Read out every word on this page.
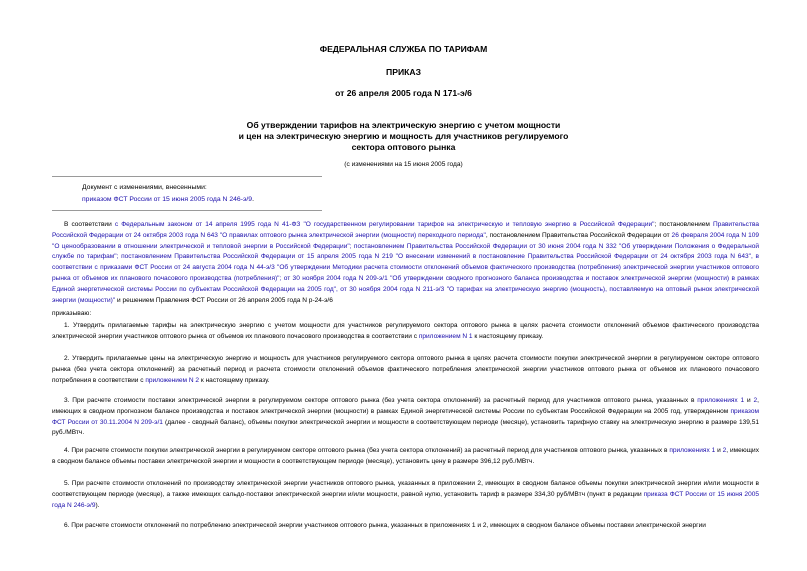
ФЕДЕРАЛЬНАЯ СЛУЖБА ПО ТАРИФАМ
ПРИКАЗ
от 26 апреля 2005 года N 171-э/6
Об утверждении тарифов на электрическую энергию с учетом мощности
и цен на электрическую энергию и мощность для участников регулируемого
сектора оптового рынка
(с изменениями на 15 июня 2005 года)
Документ с изменениями, внесенными:
приказом ФСТ России от 15 июня 2005 года N 246-э/9.
В соответствии с Федеральным законом от 14 апреля 1995 года N 41-ФЗ "О государственном регулировании тарифов на электрическую и тепловую энергию в Российской Федерации"; постановлением Правительства Российской Федерации от 24 октября 2003 года N 643 "О правилах оптового рынка электрической энергии (мощности) переходного периода", постановлением Правительства Российской Федерации от 26 февраля 2004 года N 109 "О ценообразовании в отношении электрической и тепловой энергии в Российской Федерации"; постановлением Правительства Российской Федерации от 30 июня 2004 года N 332 "Об утверждении Положения о Федеральной службе по тарифам"; постановлением Правительства Российской Федерации от 15 апреля 2005 года N 219 "О внесении изменений в постановление Правительства Российской Федерации от 24 октября 2003 года N 643", в соответствии с приказами ФСТ России от 24 августа 2004 года N 44-э/3 "Об утверждении Методики расчета стоимости отклонений объемов фактического производства (потребления) электрической энергии участников оптового рынка от объемов их планового почасового производства (потребления)"; от 30 ноября 2004 года N 209-э/1 "Об утверждении сводного прогнозного баланса производства и поставок электрической энергии (мощности) в рамках Единой энергетической системы России по субъектам Российской Федерации на 2005 год", от 30 ноября 2004 года N 211-э/3 "О тарифах на электрическую энергию (мощность), поставляемую на оптовый рынок электрической энергии (мощности)" и решением Правления ФСТ России от 26 апреля 2005 года N р-24-э/6
приказываю:
1. Утвердить прилагаемые тарифы на электрическую энергию с учетом мощности для участников регулируемого сектора оптового рынка в целях расчета стоимости отклонений объемов фактического производства электрической энергии участников оптового рынка от объемов их планового почасового производства в соответствии с приложением N 1 к настоящему приказу.
2. Утвердить прилагаемые цены на электрическую энергию и мощность для участников регулируемого сектора оптового рынка в целях расчета стоимости покупки электрической энергии в регулируемом секторе оптового рынка (без учета сектора отклонений) за расчетный период и расчета стоимости отклонений объемов фактического потребления электрической энергии участников оптового рынка от объемов их планового почасового потребления в соответствии с приложением N 2 к настоящему приказу.
3. При расчете стоимости поставки электрической энергии в регулируемом секторе оптового рынка (без учета сектора отклонений) за расчетный период для участников оптового рынка, указанных в приложениях 1 и 2, имеющих в сводном прогнозном балансе производства и поставок электрической энергии (мощности) в рамках Единой энергетической системы России по субъектам Российской Федерации на 2005 год, утвержденном приказом ФСТ России от 30.11.2004 N 209-э/1 (далее - сводный баланс), объемы покупки электрической энергии и мощности в соответствующем периоде (месяце), установить тарифную ставку на электрическую энергию в размере 139,51 руб./МВтч.
4. При расчете стоимости покупки электрической энергии в регулируемом секторе оптового рынка (без учета сектора отклонений) за расчетный период для участников оптового рынка, указанных в приложениях 1 и 2, имеющих в сводном балансе объемы поставки электрической энергии и мощности в соответствующем периоде (месяце), установить цену в размере 396,12 руб./МВтч.
5. При расчете стоимости отклонений по производству электрической энергии участников оптового рынка, указанных в приложении 2, имеющих в сводном балансе объемы покупки электрической энергии и/или мощности в соответствующем периоде (месяце), а также имеющих сальдо-поставки электрической энергии и/или мощности, равной нулю, установить тариф в размере 334,30 руб/МВтч (пункт в редакции приказа ФСТ России от 15 июня 2005 года N 246-э/9).
6. При расчете стоимости отклонений по потреблению электрической энергии участников оптового рынка, указанных в приложениях 1 и 2, имеющих в сводном балансе объемы поставки электрической энергии
